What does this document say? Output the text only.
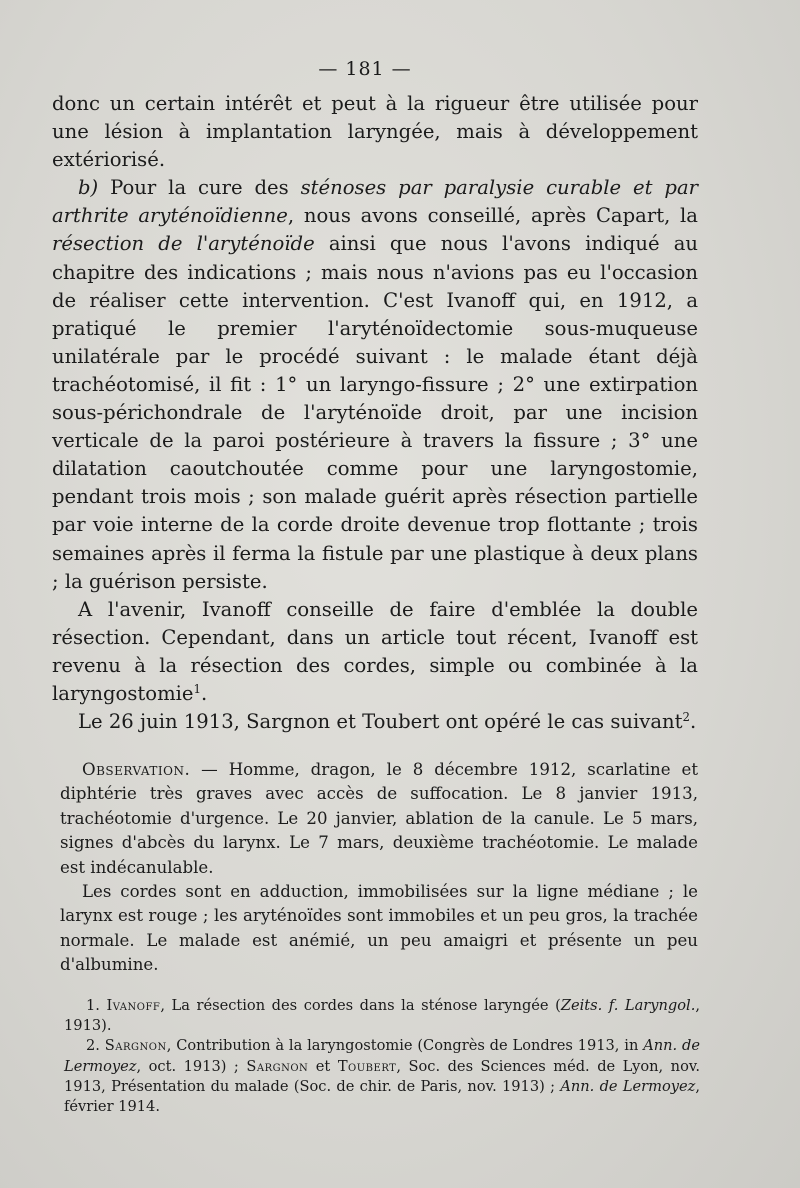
— 181 —

donc un certain intérêt et peut à la rigueur être utilisée pour une lésion à implantation laryngée, mais à développement extériorisé.

b) Pour la cure des sténoses par paralysie curable et par arthrite aryténoïdienne, nous avons conseillé, après Capart, la résection de l'aryténoïde ainsi que nous l'avons indiqué au chapitre des indications ; mais nous n'avions pas eu l'occasion de réaliser cette intervention. C'est Ivanoff qui, en 1912, a pratiqué le premier l'aryténoïdectomie sous-muqueuse unilatérale par le procédé suivant : le malade étant déjà trachéotomisé, il fit : 1° un laryngo-fissure ; 2° une extirpation sous-périchondrale de l'aryténoïde droit, par une incision verticale de la paroi postérieure à travers la fissure ; 3° une dilatation caoutchoutée comme pour une laryngostomie, pendant trois mois ; son malade guérit après résection partielle par voie interne de la corde droite devenue trop flottante ; trois semaines après il ferma la fistule par une plastique à deux plans ; la guérison persiste.

A l'avenir, Ivanoff conseille de faire d'emblée la double résection. Cependant, dans un article tout récent, Ivanoff est revenu à la résection des cordes, simple ou combinée à la laryngostomie$^1$.

Le 26 juin 1913, Sargnon et Toubert ont opéré le cas suivant$^2$.

Observation. — Homme, dragon, le 8 décembre 1912, scarlatine et diphtérie très graves avec accès de suffocation. Le 8 janvier 1913, trachéotomie d'urgence. Le 20 janvier, ablation de la canule. Le 5 mars, signes d'abcès du larynx. Le 7 mars, deuxième trachéotomie. Le malade est indécanulable.

Les cordes sont en adduction, immobilisées sur la ligne médiane ; le larynx est rouge ; les aryténoïdes sont immobiles et un peu gros, la trachée normale. Le malade est anémié, un peu amaigri et présente un peu d'albumine.

1. Ivanoff, La résection des cordes dans la sténose laryngée (Zeits. f. Laryngol., 1913).

2. Sargnon, Contribution à la laryngostomie (Congrès de Londres 1913, in Ann. de Lermoyez, oct. 1913) ; Sargnon et Toubert, Soc. des Sciences méd. de Lyon, nov. 1913, Présentation du malade (Soc. de chir. de Paris, nov. 1913) ; Ann. de Lermoyez, février 1914.
